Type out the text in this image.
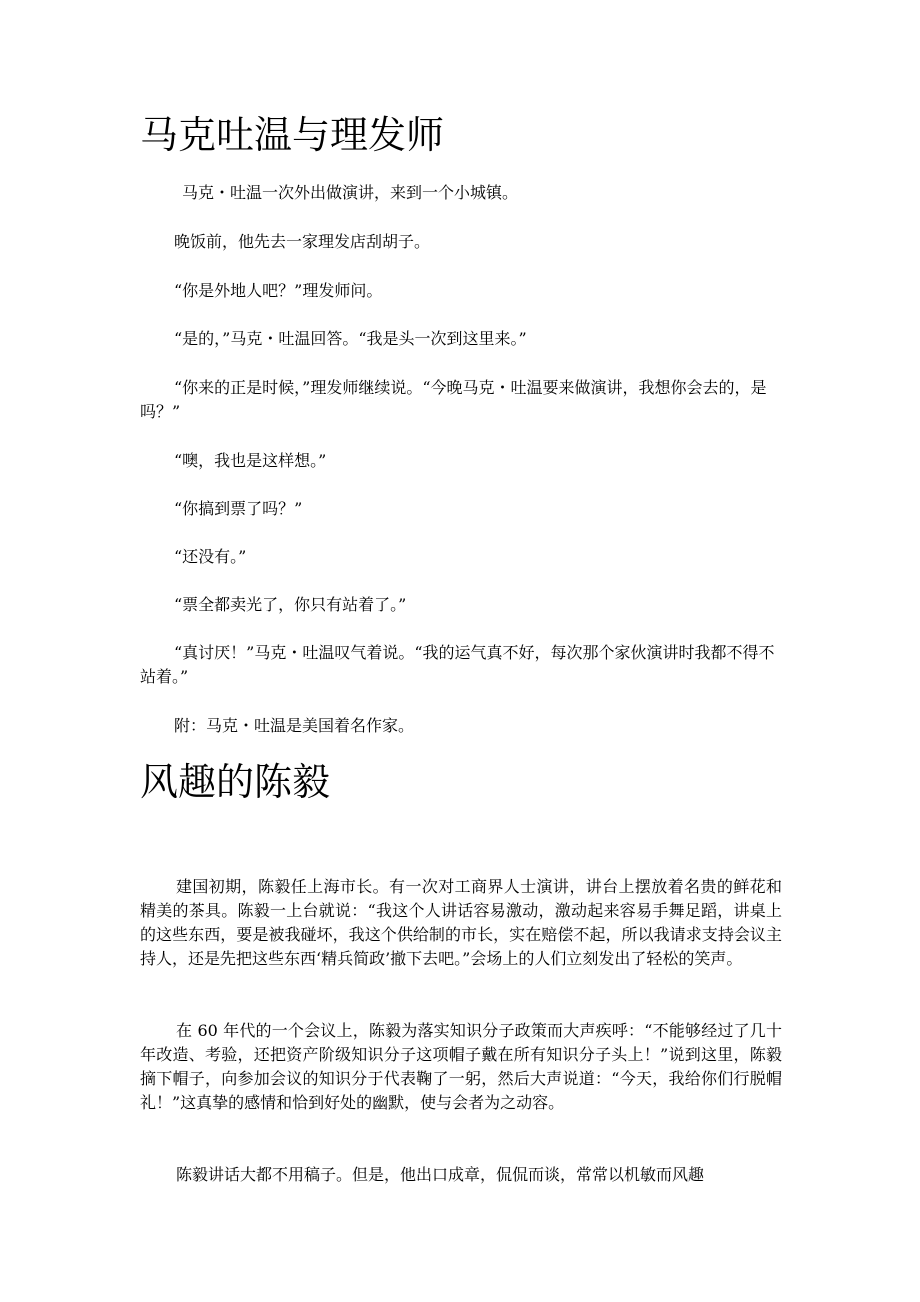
马克吐温与理发师

马克・吐温一次外出做演讲，来到一个小城镇。

晚饭前，他先去一家理发店刮胡子。

“你是外地人吧？”理发师问。

“是的，”马克・吐温回答。“我是头一次到这里来。”

“你来的正是时候，”理发师继续说。“今晚马克・吐温要来做演讲，我想你会去的，是吗？”

“噢，我也是这样想。”

“你搞到票了吗？”

“还没有。”

“票全都卖光了，你只有站着了。”

“真讨厌！”马克・吐温叹气着说。“我的运气真不好，每次那个家伙演讲时我都不得不站着。”

附：马克・吐温是美国着名作家。

风趣的陈毅

建国初期，陈毅任上海市长。有一次对工商界人士演讲，讲台上摆放着名贵的鲜花和精美的茶具。陈毅一上台就说：“我这个人讲话容易激动，激动起来容易手舞足蹈，讲桌上的这些东西，要是被我碰坏，我这个供给制的市长，实在赔偿不起，所以我请求支持会议主持人，还是先把这些东西‘精兵简政’撤下去吧。”会场上的人们立刻发出了轻松的笑声。

在 60 年代的一个会议上，陈毅为落实知识分子政策而大声疾呼：“不能够经过了几十年改造、考验，还把资产阶级知识分子这项帽子戴在所有知识分子头上！”说到这里，陈毅摘下帽子，向参加会议的知识分于代表鞠了一躬，然后大声说道：“今天，我给你们行脱帽礼！”这真挚的感情和恰到好处的幽默，使与会者为之动容。

陈毅讲话大都不用稿子。但是，他出口成章，侃侃而谈，常常以机敏而风趣
